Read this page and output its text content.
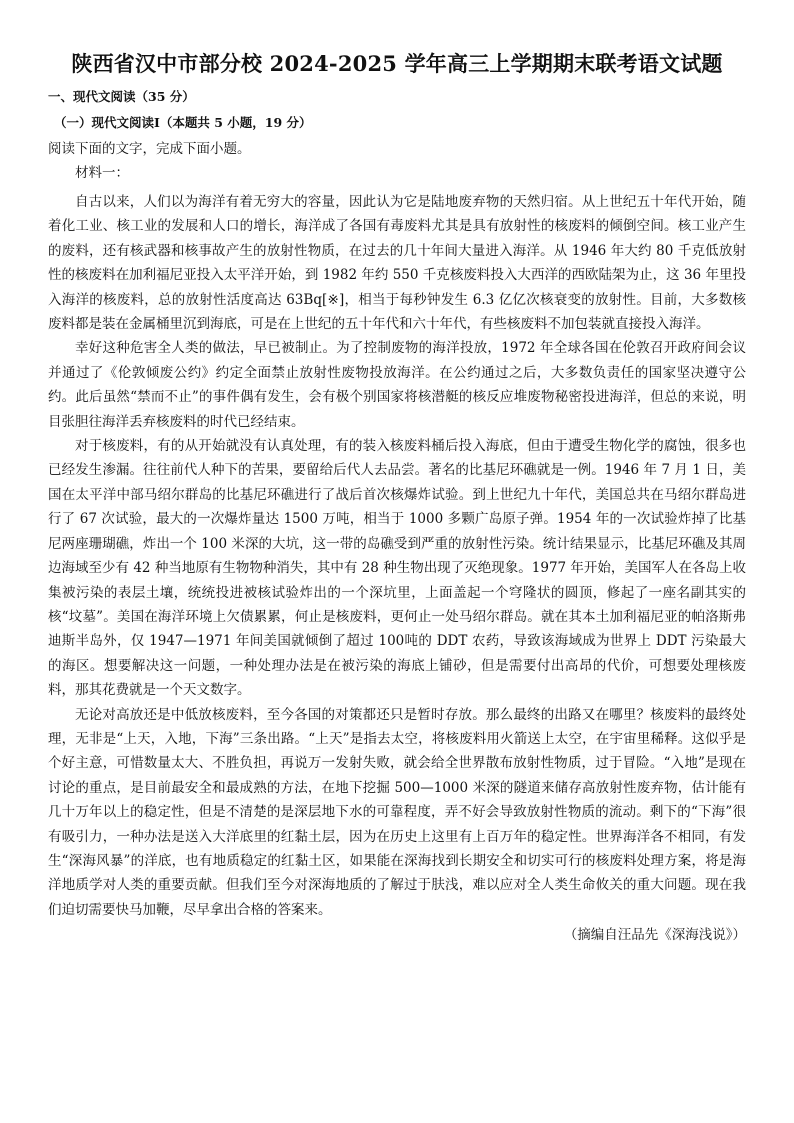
陕西省汉中市部分校 2024-2025 学年高三上学期期末联考语文试题
一、现代文阅读（35 分）
（一）现代文阅读Ⅰ（本题共 5 小题，19 分）
阅读下面的文字，完成下面小题。
材料一：

自古以来，人们以为海洋有着无穷大的容量，因此认为它是陆地废弃物的天然归宿。从上世纪五十年代开始，随着化工业、核工业的发展和人口的增长，海洋成了各国有毒废料尤其是具有放射性的核废料的倾倒空间。核工业产生的废料，还有核武器和核事故产生的放射性物质，在过去的几十年间大量进入海洋。从 1946 年大约 80 千克低放射性的核废料在加利福尼亚投入太平洋开始，到 1982 年约 550 千克核废料投入大西洋的西欧陆架为止，这 36 年里投入海洋的核废料，总的放射性活度高达 63Bq[※]，相当于每秒钟发生 6.3 亿亿次核衰变的放射性。目前，大多数核废料都是装在金属桶里沉到海底，可是在上世纪的五十年代和六十年代，有些核废料不加包装就直接投入海洋。

幸好这种危害全人类的做法，早已被制止。为了控制废物的海洋投放，1972 年全球各国在伦敦召开政府间会议并通过了《伦敦倾废公约》约定全面禁止放射性废物投放海洋。在公约通过之后，大多数负责任的国家坚决遵守公约。此后虽然“禁而不止”的事件偶有发生，会有极个别国家将核潜艇的核反应堆废物秘密投进海洋，但总的来说，明目张胆往海洋丢弃核废料的时代已经结束。

对于核废料，有的从开始就没有认真处理，有的装入核废料桶后投入海底，但由于遭受生物化学的腐蚀，很多也已经发生渗漏。往往前代人种下的苦果，要留给后代人去品尝。著名的比基尼环礁就是一例。1946 年 7 月 1 日，美国在太平洋中部马绍尔群岛的比基尼环礁进行了战后首次核爆炸试验。到上世纪九十年代，美国总共在马绍尔群岛进行了 67 次试验，最大的一次爆炸量达 1500 万吨，相当于 1000 多颗广岛原子弹。1954 年的一次试验炸掉了比基尼两座珊瑚礁，炸出一个 100 米深的大坑，这一带的岛礁受到严重的放射性污染。统计结果显示，比基尼环礁及其周边海域至少有 42 种当地原有生物物种消失，其中有 28 种生物出现了灭绝现象。1977 年开始，美国军人在各岛上收集被污染的表层土壤，统统投进被核试验炸出的一个深坑里，上面盖起一个穹隆状的圆顶，修起了一座名副其实的核“坟墓”。美国在海洋环境上欠债累累，何止是核废料，更何止一处马绍尔群岛。就在其本土加利福尼亚的帕洛斯弗迪斯半岛外，仅 1947—1971 年间美国就倾倒了超过 100吨的 DDT 农药，导致该海域成为世界上 DDT 污染最大的海区。想要解决这一问题，一种处理办法是在被污染的海底上铺砂，但是需要付出高昂的代价，可想要处理核废料，那其花费就是一个天文数字。

无论对高放还是中低放核废料，至今各国的对策都还只是暂时存放。那么最终的出路又在哪里？核废料的最终处理，无非是“上天，入地，下海”三条出路。“上天”是指去太空，将核废料用火箭送上太空，在宇宙里稀释。这似乎是个好主意，可惜数量太大、不胜负担，再说万一发射失败，就会给全世界散布放射性物质，过于冒险。“入地”是现在讨论的重点，是目前最安全和最成熟的方法，在地下挖掘 500—1000 米深的隧道来储存高放射性废弃物，估计能有几十万年以上的稳定性，但是不清楚的是深层地下水的可靠程度，弄不好会导致放射性物质的流动。剩下的“下海”很有吸引力，一种办法是送入大洋底里的红黏土层，因为在历史上这里有上百万年的稳定性。世界海洋各不相同，有发生“深海风暴”的洋底，也有地质稳定的红黏土区，如果能在深海找到长期安全和切实可行的核废料处理方案，将是海洋地质学对人类的重要贡献。但我们至今对深海地质的了解过于肤浅，难以应对全人类生命攸关的重大问题。现在我们迫切需要快马加鞭，尽早拿出合格的答案来。

（摘编自汪品先《深海浅说》）
